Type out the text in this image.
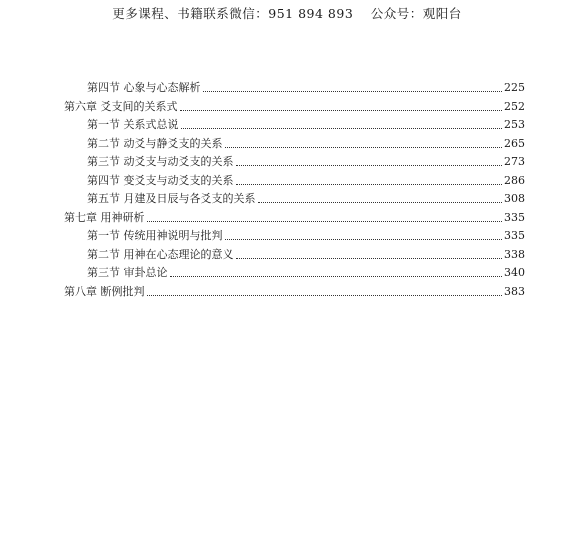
更多课程、书籍联系微信：951 894 893　 公众号：观阳台
第四节 心象与心态解析	225
第六章 爻支间的关系式	252
第一节 关系式总说	253
第二节 动爻与静爻支的关系	265
第三节 动爻支与动爻支的关系	273
第四节 变爻支与动爻支的关系	286
第五节 月建及日辰与各爻支的关系	308
第七章 用神研析	335
第一节 传统用神说明与批判	335
第二节 用神在心态理论的意义	338
第三节 审卦总论	340
第八章 断例批判	383
